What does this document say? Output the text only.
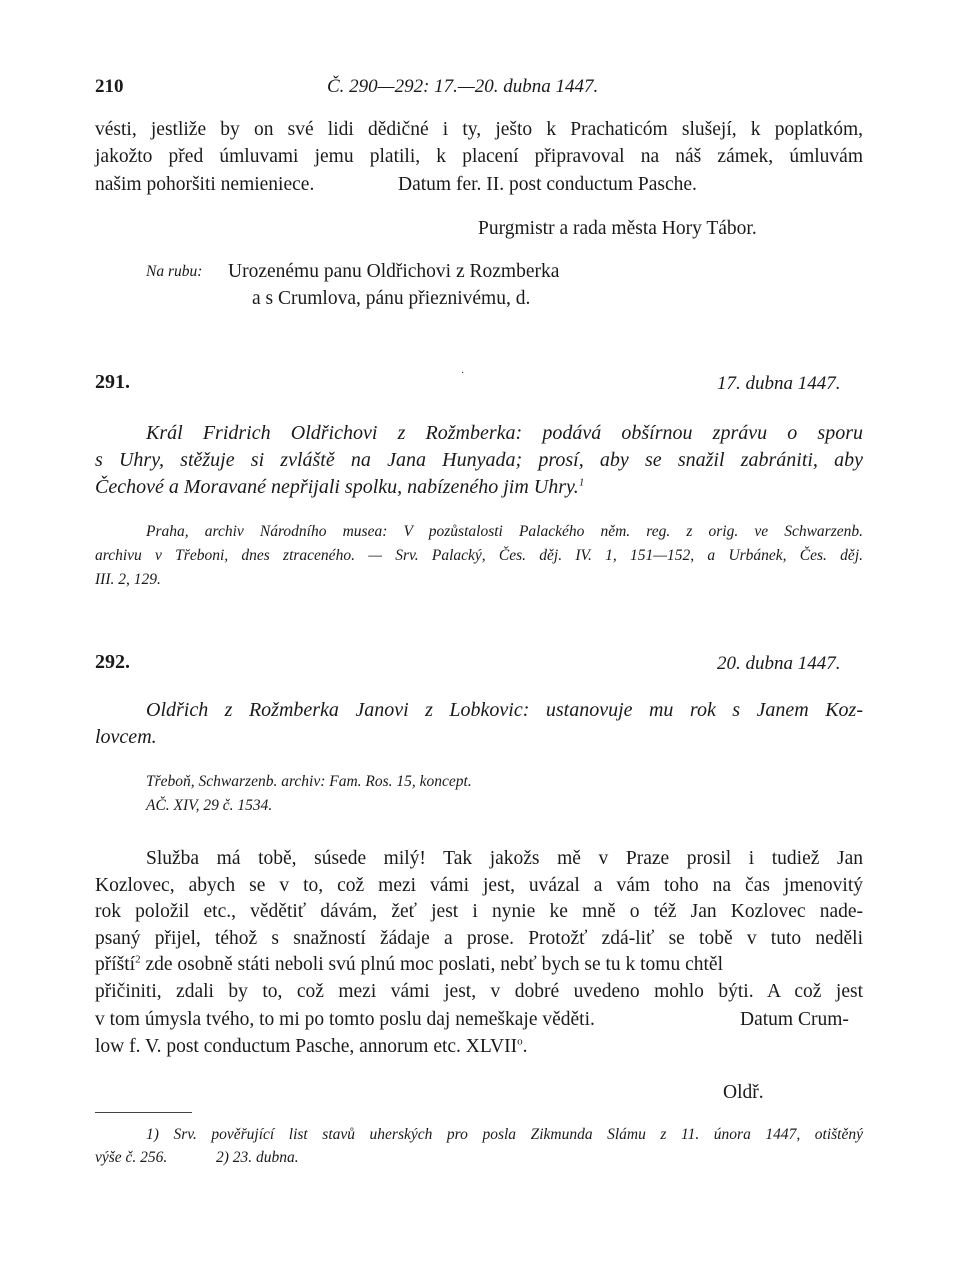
210	Č. 290—292: 17.—20. dubna 1447.
vésti, jestliže by on své lidi dědičné i ty, ješto k Prachaticóm slušejí, k poplatkóm,
jakožto před úmluvami jemu platili, k placení připravoval na náš zámek, úmluvám
našim pohoršiti nemieniece.	Datum fer. II. post conductum Pasche.
Purgmistr a rada města Hory Tábor.
Na rubu: Urozenému panu Oldřichovi z Rozmberka
a s Crumlova, pánu přieznivému, d.
291.	·	17. dubna 1447.
Král Fridrich Oldřichovi z Rožmberka: podává obšírnou zprávu o sporu
s Uhry, stěžuje si zvláště na Jana Hunyada; prosí, aby se snažil zabrániti, aby
Čechové a Moravané nepřijali spolku, nabízeného jim Uhry.$^1$
Praha, archiv Národního musea: V pozůstalosti Palackého něm. reg. z orig. ve Schwarzenb.
archivu v Třeboni, dnes ztraceného. — Srv. Palacký, Čes. děj. IV. 1, 151—152, a Urbánek, Čes. děj.
III. 2, 129.
292.	20. dubna 1447.
Oldřich z Rožmberka Janovi z Lobkovic: ustanovuje mu rok s Janem Koz-
lovcem.
Třeboň, Schwarzenb. archiv: Fam. Ros. 15, koncept.
AČ. XIV, 29 č. 1534.
Služba má tobě, súsede milý! Tak jakožs mě v Praze prosil i tudiež Jan
Kozlovec, abych se v to, což mezi vámi jest, uvázal a vám toho na čas jmenovitý
rok položil etc., vědětiť dávám, žeť jest i nynie ke mně o též Jan Kozlovec nade-
psaný přijel, téhož s snažností žádaje a prose. Protožť zdá-liť se tobě v tuto neděli
příští$^2$ zde osobně státi neboli svú plnú moc poslati, nebť bych se tu k tomu chtěl
přičiniti, zdali by to, což mezi vámi jest, v dobré uvedeno mohlo býti. A což jest
v tom úmysla tvého, to mi po tomto poslu daj nemeškaje věděti.	Datum Crum-
low f. V. post conductum Pasche, annorum etc. XLVII$^o$.
Oldř.
1) Srv. pověřující list stavů uherských pro posla Zikmunda Slámu z 11. února 1447, otištěný
výše č. 256.	2) 23. dubna.
